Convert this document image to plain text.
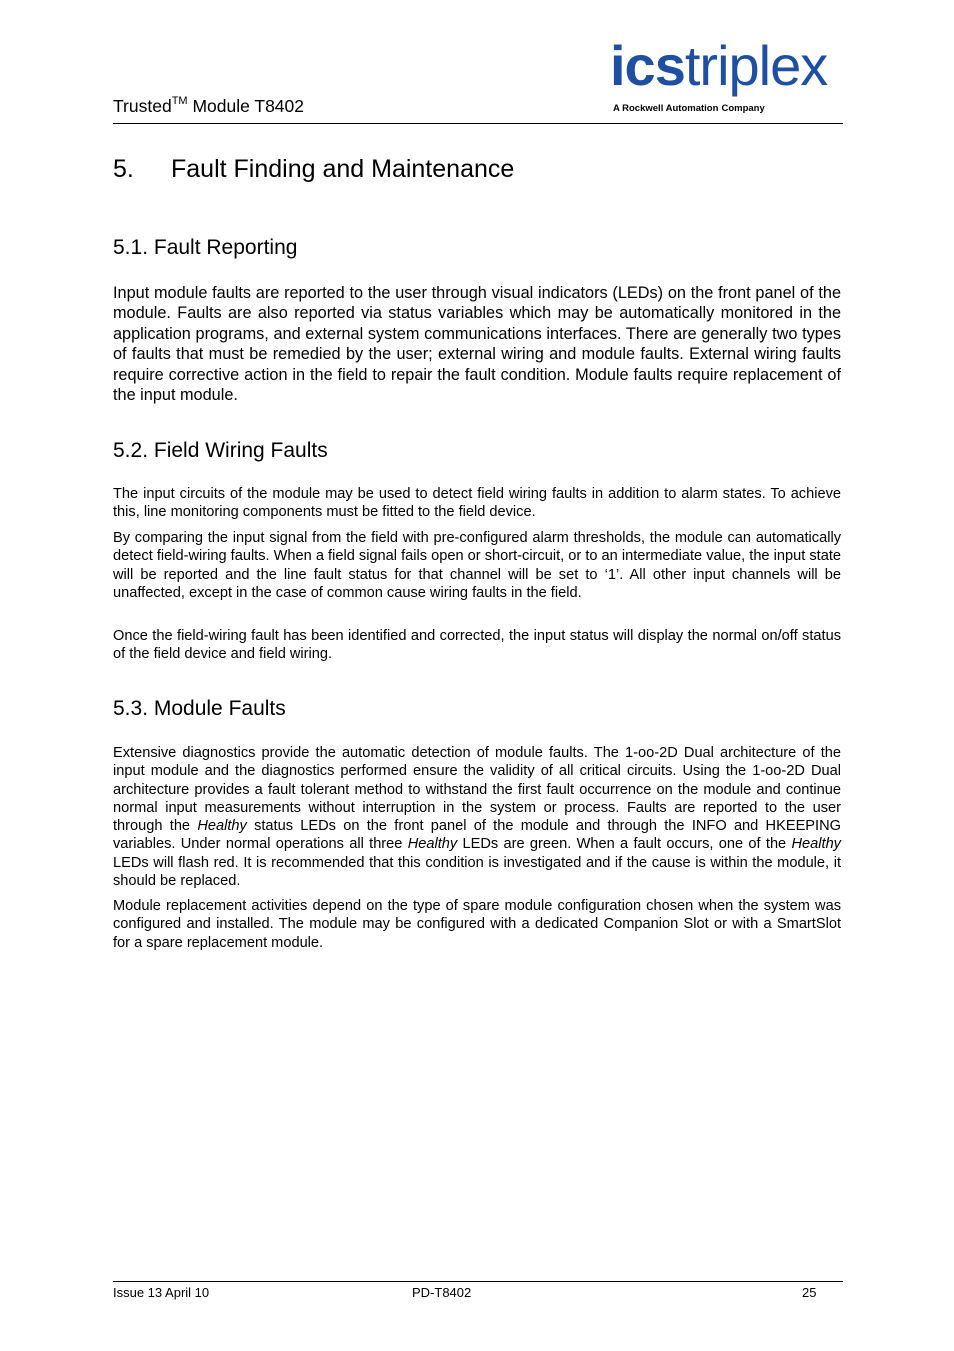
Trusted™ Module T8402
icstriplex
A Rockwell Automation Company
5. Fault Finding and Maintenance
5.1. Fault Reporting
Input module faults are reported to the user through visual indicators (LEDs) on the front panel of the module. Faults are also reported via status variables which may be automatically monitored in the application programs, and external system communications interfaces. There are generally two types of faults that must be remedied by the user; external wiring and module faults. External wiring faults require corrective action in the field to repair the fault condition. Module faults require replacement of the input module.
5.2. Field Wiring Faults
The input circuits of the module may be used to detect field wiring faults in addition to alarm states. To achieve this, line monitoring components must be fitted to the field device.
By comparing the input signal from the field with pre-configured alarm thresholds, the module can automatically detect field-wiring faults. When a field signal fails open or short-circuit, or to an intermediate value, the input state will be reported and the line fault status for that channel will be set to ‘1’. All other input channels will be unaffected, except in the case of common cause wiring faults in the field.
Once the field-wiring fault has been identified and corrected, the input status will display the normal on/off status of the field device and field wiring.
5.3. Module Faults
Extensive diagnostics provide the automatic detection of module faults. The 1-oo-2D Dual architecture of the input module and the diagnostics performed ensure the validity of all critical circuits. Using the 1-oo-2D Dual architecture provides a fault tolerant method to withstand the first fault occurrence on the module and continue normal input measurements without interruption in the system or process. Faults are reported to the user through the Healthy status LEDs on the front panel of the module and through the INFO and HKEEPING variables. Under normal operations all three Healthy LEDs are green. When a fault occurs, one of the Healthy LEDs will flash red. It is recommended that this condition is investigated and if the cause is within the module, it should be replaced.
Module replacement activities depend on the type of spare module configuration chosen when the system was configured and installed. The module may be configured with a dedicated Companion Slot or with a SmartSlot for a spare replacement module.
Issue 13 April 10	PD-T8402	25
